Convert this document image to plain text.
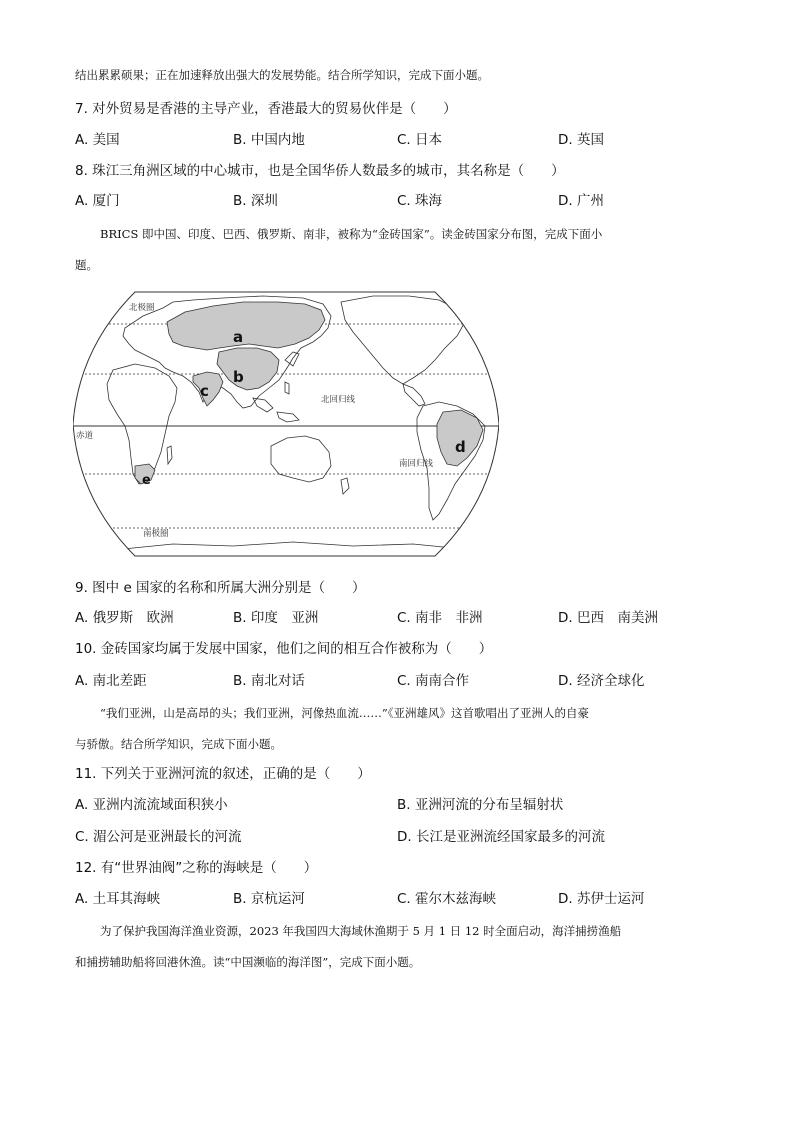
结出累累硕果；正在加速释放出强大的发展势能。结合所学知识，完成下面小题。
7. 对外贸易是香港的主导产业，香港最大的贸易伙伴是（　　）
A. 美国	B. 中国内地	C. 日本	D. 英国
8. 珠江三角洲区域的中心城市，也是全国华侨人数最多的城市，其名称是（　　）
A. 厦门	B. 深圳	C. 珠海	D. 广州
BRICS 即中国、印度、巴西、俄罗斯、南非，被称为“金砖国家”。读金砖国家分布图，完成下面小
题。
a
b
c
d
e
北极圈
北回归线
赤道
南回归线
南极圈
9. 图中 e 国家的名称和所属大洲分别是（　　）
A. 俄罗斯　欧洲	B. 印度　亚洲	C. 南非　非洲	D. 巴西　南美洲
10. 金砖国家均属于发展中国家，他们之间的相互合作被称为（　　）
A. 南北差距	B. 南北对话	C. 南南合作	D. 经济全球化
“我们亚洲，山是高昂的头；我们亚洲，河像热血流……”《亚洲雄风》这首歌唱出了亚洲人的自豪
与骄傲。结合所学知识，完成下面小题。
11. 下列关于亚洲河流的叙述，正确的是（　　）
A. 亚洲内流流域面积狭小	B. 亚洲河流的分布呈辐射状
C. 湄公河是亚洲最长的河流	D. 长江是亚洲流经国家最多的河流
12. 有“世界油阀”之称的海峡是（　　）
A. 土耳其海峡	B. 京杭运河	C. 霍尔木兹海峡	D. 苏伊士运河
为了保护我国海洋渔业资源，2023 年我国四大海域休渔期于 5 月 1 日 12 时全面启动，海洋捕捞渔船
和捕捞辅助船将回港休渔。读“中国濒临的海洋图”，完成下面小题。
